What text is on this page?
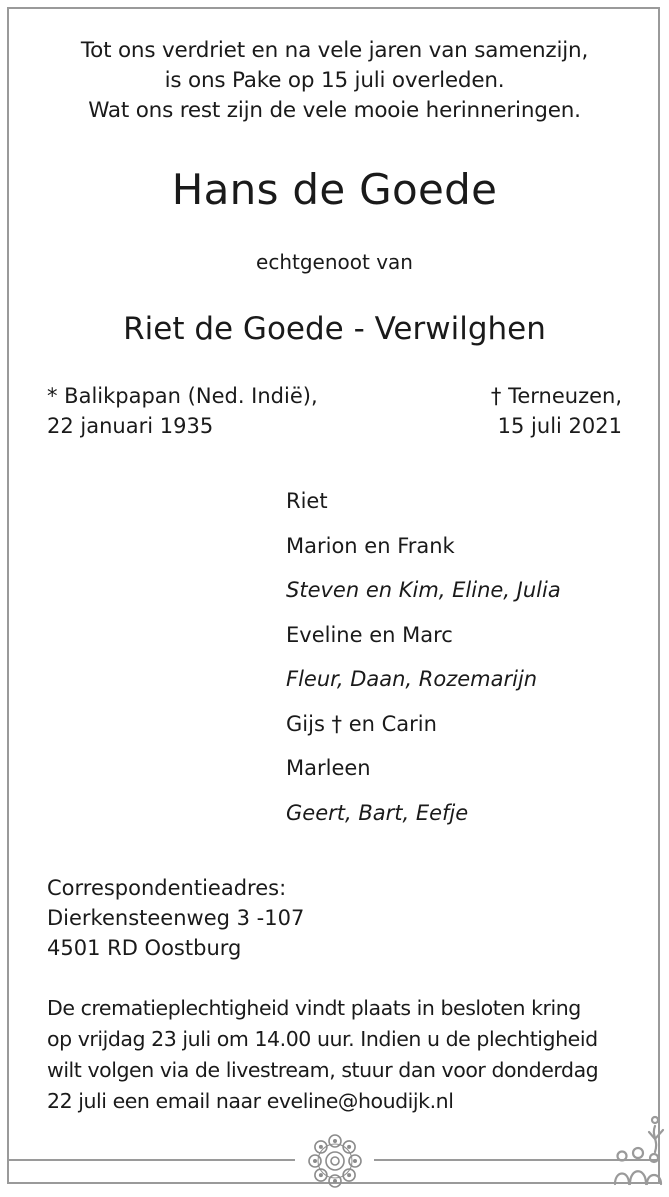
Tot ons verdriet en na vele jaren van samenzijn,
is ons Pake op 15 juli overleden.
Wat ons rest zijn de vele mooie herinneringen.
Hans de Goede
echtgenoot van
Riet de Goede - Verwilghen
* Balikpapan (Ned. Indië),
22 januari 1935
† Terneuzen,
15 juli 2021
Riet
Marion en Frank
Steven en Kim, Eline, Julia
Eveline en Marc
Fleur, Daan, Rozemarijn
Gijs † en Carin
Marleen
Geert, Bart, Eefje
Correspondentieadres:
Dierkensteenweg 3 -107
4501 RD Oostburg
De crematieplechtigheid vindt plaats in besloten kring
op vrijdag 23 juli om 14.00 uur. Indien u de plechtigheid
wilt volgen via de livestream, stuur dan voor donderdag
22 juli een email naar eveline@houdijk.nl
